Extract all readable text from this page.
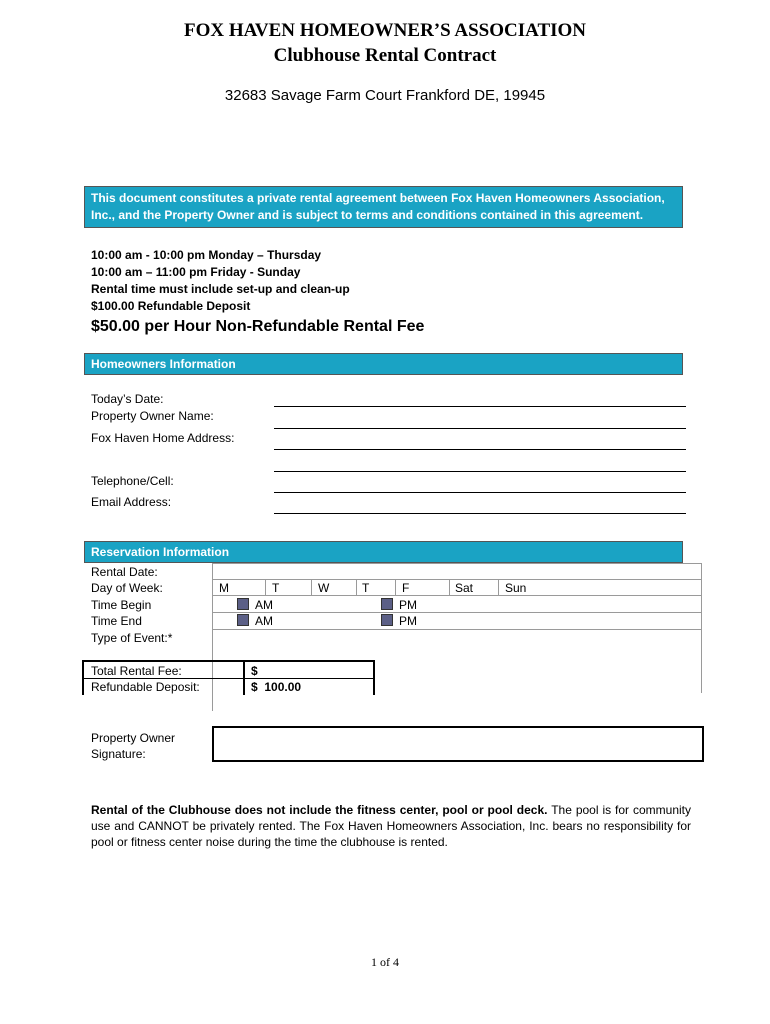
FOX HAVEN HOMEOWNER’S ASSOCIATION
Clubhouse Rental Contract
32683 Savage Farm Court Frankford DE, 19945
This document constitutes a private rental agreement between Fox Haven Homeowners Association,
Inc., and the Property Owner and is subject to terms and conditions contained in this agreement.
10:00 am - 10:00 pm Monday – Thursday
10:00 am – 11:00 pm Friday - Sunday
Rental time must include set-up and clean-up
$100.00 Refundable Deposit
$50.00 per Hour Non-Refundable Rental Fee
Homeowners Information
Today’s Date:
Property Owner Name:
Fox Haven Home Address:
Telephone/Cell:
Email Address:
Reservation Information
Rental Date:
Day of Week:	M	T	W	T	F	Sat	Sun
Time Begin	AM	PM
Time End	AM	PM
Type of Event:*
Total Rental Fee:	$
Refundable Deposit:	$  100.00
Property Owner
Signature:
Rental of the Clubhouse does not include the fitness center, pool or pool deck. The pool is for community use and CANNOT be privately rented. The Fox Haven Homeowners Association, Inc. bears no responsibility for pool or fitness center noise during the time the clubhouse is rented.
1 of 4
